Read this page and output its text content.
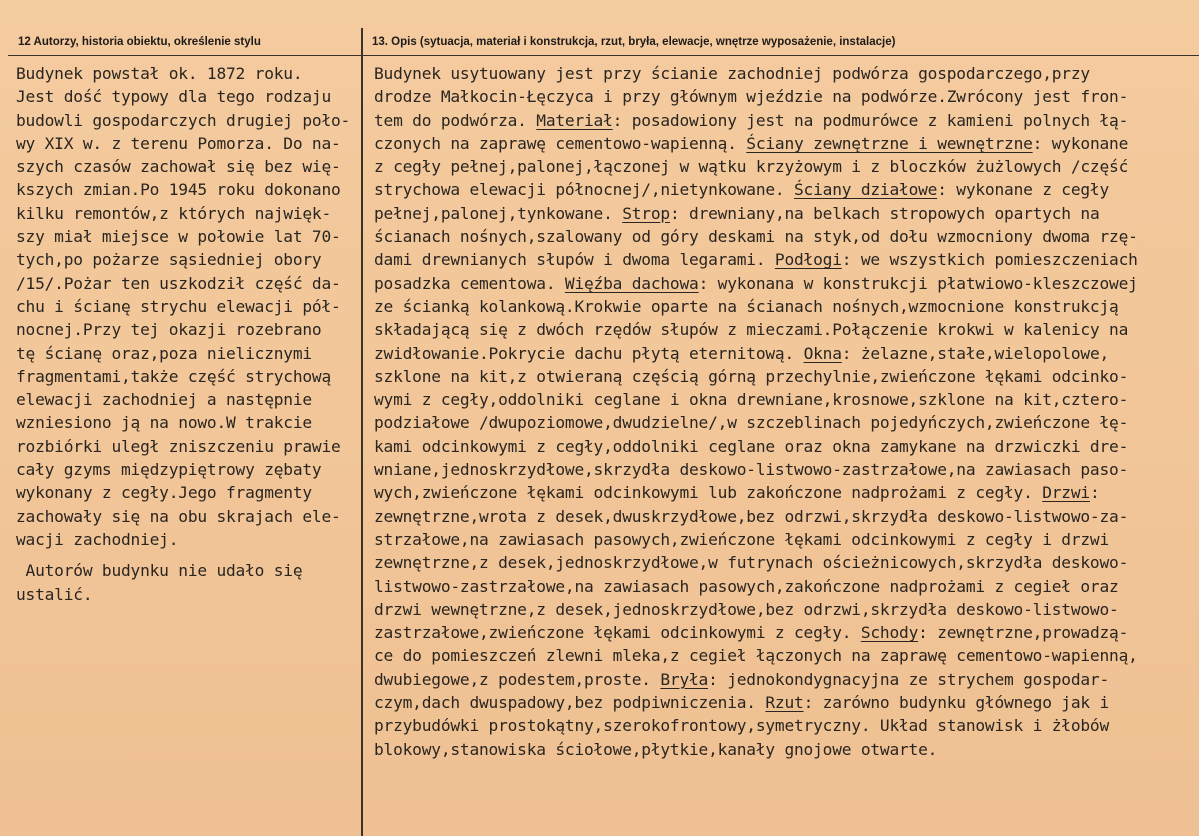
12 Autorzy, historia obiektu, określenie stylu	13. Opis (sytuacja, materiał i konstrukcja, rzut, bryła, elewacje, wnętrze wyposażenie, instalacje)
Budynek powstał ok. 1872 roku.
Jest dość typowy dla tego rodzaju
budowli gospodarczych drugiej poło-
wy XIX w. z terenu Pomorza. Do na-
szych czasów zachował się bez wię-
kszych zmian.Po 1945 roku dokonano
kilku remontów,z których najwięk-
szy miał miejsce w połowie lat 70-
tych,po pożarze sąsiedniej obory
/15/.Pożar ten uszkodził część da-
chu i ścianę strychu elewacji pół-
nocnej.Przy tej okazji rozebrano
tę ścianę oraz,poza nielicznymi
fragmentami,także część strychową
elewacji zachodniej a następnie
wzniesiono ją na nowo.W trakcie
rozbiórki uległ zniszczeniu prawie
cały gzyms międzypiętrowy zębaty
wykonany z cegły.Jego fragmenty
zachowały się na obu skrajach ele-
wacji zachodniej.
Autorów budynku nie udało się
ustalić.
Budynek usytuowany jest przy ścianie zachodniej podwórza gospodarczego,przy
drodze Małkocin-Łęczyca i przy głównym wjeździe na podwórze.Zwrócony jest fron-
tem do podwórza. Materiał: posadowiony jest na podmurówce z kamieni polnych łą-
czonych na zaprawę cementowo-wapienną. Ściany zewnętrzne i wewnętrzne: wykonane
z cegły pełnej,palonej,łączonej w wątku krzyżowym i z bloczków żużlowych /część
strychowa elewacji północnej/,nietynkowane. Ściany działowe: wykonane z cegły
pełnej,palonej,tynkowane. Strop: drewniany,na belkach stropowych opartych na
ścianach nośnych,szalowany od góry deskami na styk,od dołu wzmocniony dwoma rzę-
dami drewnianych słupów i dwoma legarami. Podłogi: we wszystkich pomieszczeniach
posadzka cementowa. Więźba dachowa: wykonana w konstrukcji płatwiowo-kleszczowej
ze ścianką kolankową.Krokwie oparte na ścianach nośnych,wzmocnione konstrukcją
składającą się z dwóch rzędów słupów z mieczami.Połączenie krokwi w kalenicy na
zwidłowanie.Pokrycie dachu płytą eternitową. Okna: żelazne,stałe,wielopolowe,
szklone na kit,z otwieraną częścią górną przechylnie,zwieńczone łękami odcinko-
wymi z cegły,oddolniki ceglane i okna drewniane,krosnowe,szklone na kit,cztero-
podziałowe /dwupoziomowe,dwudzielne/,w szczeblinach pojedyńczych,zwieńczone łę-
kami odcinkowymi z cegły,oddolniki ceglane oraz okna zamykane na drzwiczki dre-
wniane,jednoskrzydłowe,skrzydła deskowo-listwowo-zastrzałowe,na zawiasach paso-
wych,zwieńczone łękami odcinkowymi lub zakończone nadprożami z cegły. Drzwi:
zewnętrzne,wrota z desek,dwuskrzydłowe,bez odrzwi,skrzydła deskowo-listwowo-za-
strzałowe,na zawiasach pasowych,zwieńczone łękami odcinkowymi z cegły i drzwi
zewnętrzne,z desek,jednoskrzydłowe,w futrynach ościeżnicowych,skrzydła deskowo-
listwowo-zastrzałowe,na zawiasach pasowych,zakończone nadprożami z cegieł oraz
drzwi wewnętrzne,z desek,jednoskrzydłowe,bez odrzwi,skrzydła deskowo-listwowo-
zastrzałowe,zwieńczone łękami odcinkowymi z cegły. Schody: zewnętrzne,prowadzą-
ce do pomieszczeń zlewni mleka,z cegieł łączonych na zaprawę cementowo-wapienną,
dwubiegowe,z podestem,proste. Bryła: jednokondygnacyjna ze strychem gospodar-
czym,dach dwuspadowy,bez podpiwniczenia. Rzut: zarówno budynku głównego jak i
przybudówki prostokątny,szerokofrontowy,symetryczny. Układ stanowisk i żłobów
blokowy,stanowiska ściołowe,płytkie,kanały gnojowe otwarte.
